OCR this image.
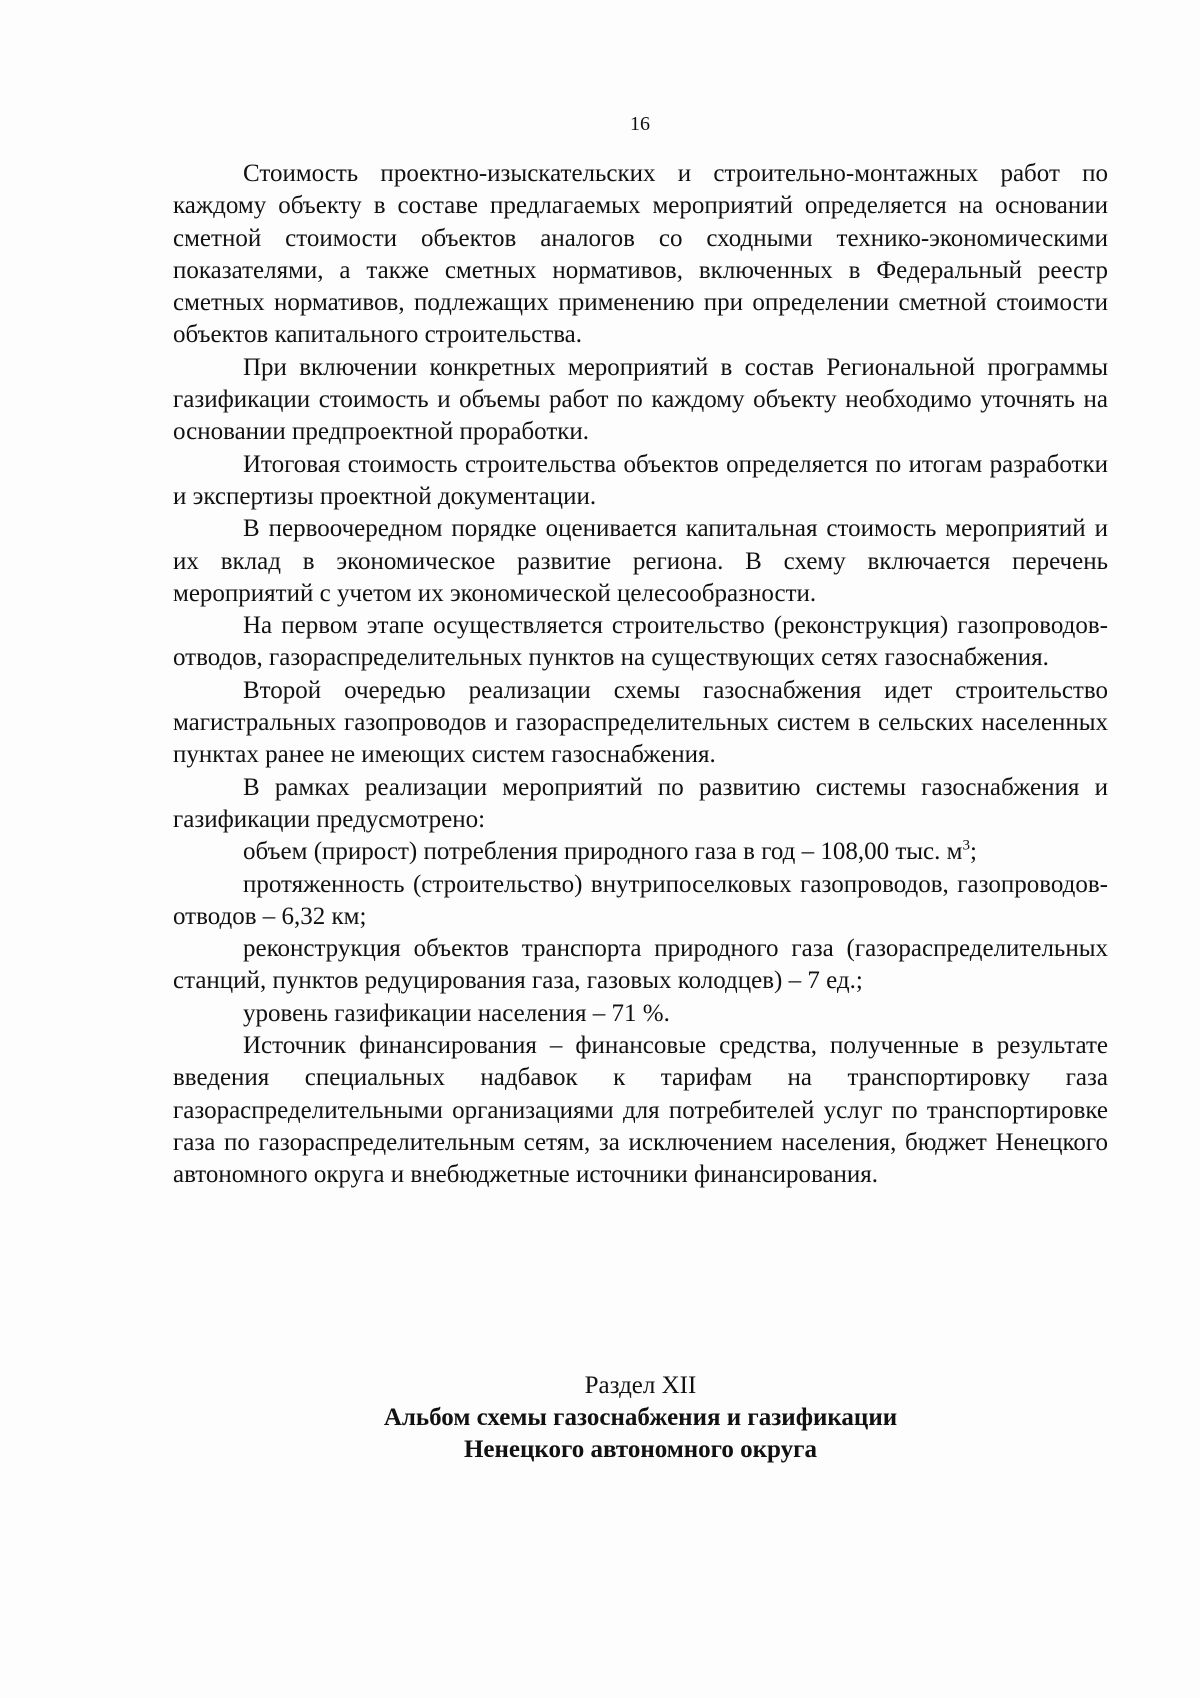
16

Стоимость проектно-изыскательских и строительно-монтажных работ по каждому объекту в составе предлагаемых мероприятий определяется на основании сметной стоимости объектов аналогов со сходными технико-экономическими показателями, а также сметных нормативов, включенных в Федеральный реестр сметных нормативов, подлежащих применению при определении сметной стоимости объектов капитального строительства.

При включении конкретных мероприятий в состав Региональной программы газификации стоимость и объемы работ по каждому объекту необходимо уточнять на основании предпроектной проработки.

Итоговая стоимость строительства объектов определяется по итогам разработки и экспертизы проектной документации.

В первоочередном порядке оценивается капитальная стоимость мероприятий и их вклад в экономическое развитие региона. В схему включается перечень мероприятий с учетом их экономической целесообразности.

На первом этапе осуществляется строительство (реконструкция) газопроводов-отводов, газораспределительных пунктов на существующих сетях газоснабжения.

Второй очередью реализации схемы газоснабжения идет строительство магистральных газопроводов и газораспределительных систем в сельских населенных пунктах ранее не имеющих систем газоснабжения.

В рамках реализации мероприятий по развитию системы газоснабжения и газификации предусмотрено:

объем (прирост) потребления природного газа в год – 108,00 тыс. $м^3$;

протяженность (строительство) внутрипоселковых газопроводов, газопроводов-отводов – 6,32 км;

реконструкция объектов транспорта природного газа (газораспределительных станций, пунктов редуцирования газа, газовых колодцев) – 7 ед.;

уровень газификации населения – 71 %.

Источник финансирования – финансовые средства, полученные в результате введения специальных надбавок к тарифам на транспортировку газа газораспределительными организациями для потребителей услуг по транспортировке газа по газораспределительным сетям, за исключением населения, бюджет Ненецкого автономного округа и внебюджетные источники финансирования.

Раздел XII
Альбом схемы газоснабжения и газификации
Ненецкого автономного округа
